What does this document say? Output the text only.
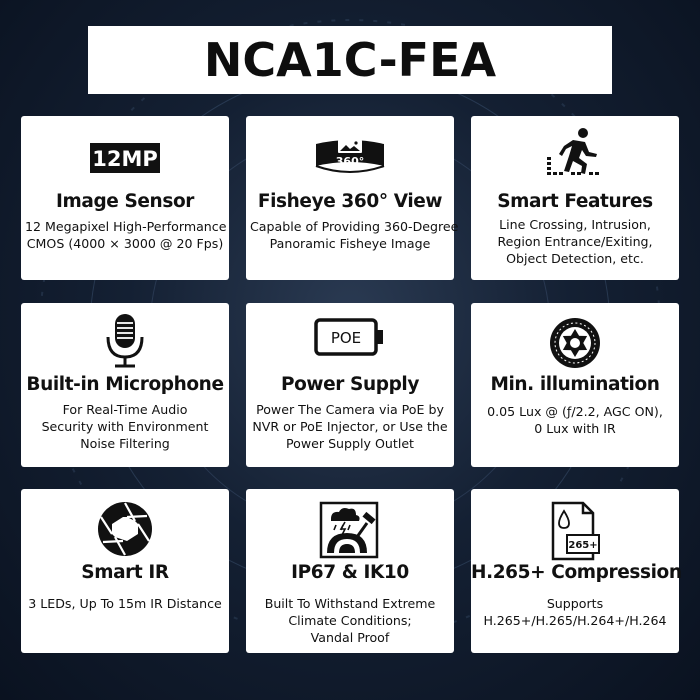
NCA1C-FEA
12MP
Image Sensor

12 Megapixel High-Performance
CMOS (4000 × 3000 @ 20 Fps)

360°
Fisheye 360° View

Capable of Providing 360-Degree
Panoramic Fisheye Image

Smart Features

Line Crossing, Intrusion,
Region Entrance/Exiting,
Object Detection, etc.

Built-in Microphone

For Real-Time Audio
Security with Environment
Noise Filtering

POE
Power Supply

Power The Camera via PoE by
NVR or PoE Injector, or Use the
Power Supply Outlet

Min. illumination

0.05 Lux @ (ƒ/2.2, AGC ON),
0 Lux with IR

Smart IR

3 LEDs, Up To 15m IR Distance

IP67 & IK10

Built To Withstand Extreme
Climate Conditions;
Vandal Proof

265+
H.265+ Compression

Supports
H.265+/H.265/H.264+/H.264
